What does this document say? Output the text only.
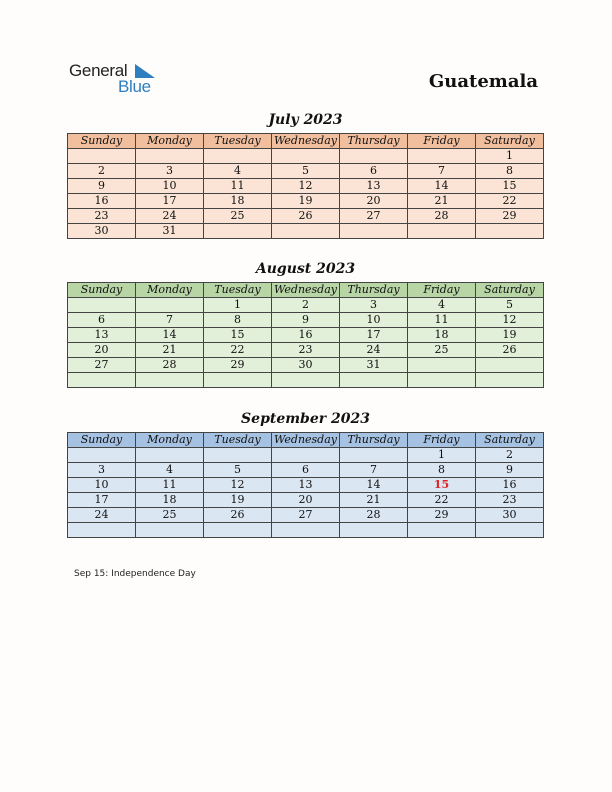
General
Blue	Guatemala
July 2023
Sunday	Monday	Tuesday	Wednesday	Thursday	Friday	Saturday
						1
2	3	4	5	6	7	8
9	10	11	12	13	14	15
16	17	18	19	20	21	22
23	24	25	26	27	28	29
30	31					
August 2023
Sunday	Monday	Tuesday	Wednesday	Thursday	Friday	Saturday
		1	2	3	4	5
6	7	8	9	10	11	12
13	14	15	16	17	18	19
20	21	22	23	24	25	26
27	28	29	30	31		

September 2023
Sunday	Monday	Tuesday	Wednesday	Thursday	Friday	Saturday
					1	2
3	4	5	6	7	8	9
10	11	12	13	14	15	16
17	18	19	20	21	22	23
24	25	26	27	28	29	30

Sep 15: Independence Day
